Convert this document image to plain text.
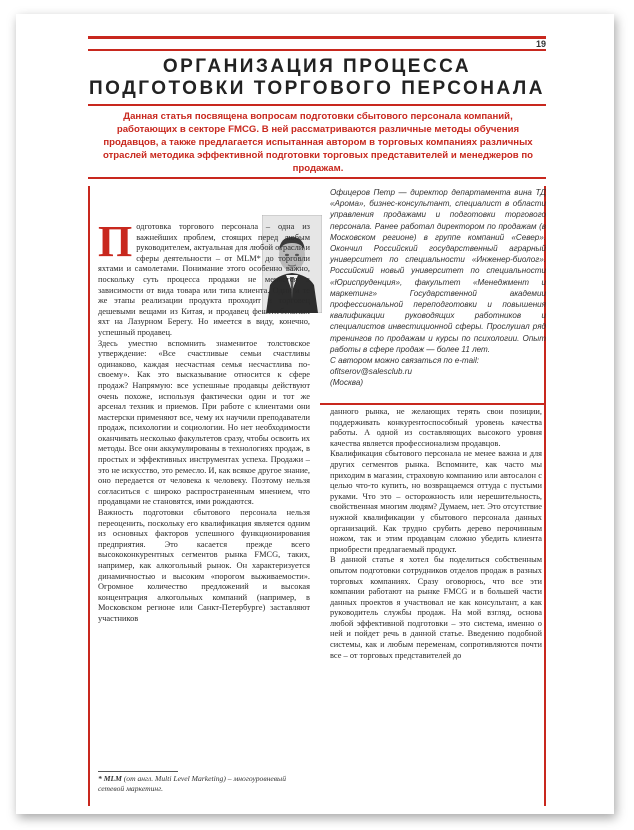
19
ОРГАНИЗАЦИЯ ПРОЦЕССА ПОДГОТОВКИ ТОРГОВОГО ПЕРСОНАЛА
Данная статья посвящена вопросам подготовки сбытового персонала компаний, работающих в секторе FMCG. В ней рассматриваются различные методы обучения продавцов, а также предлагается испытанная автором в торговых компаниях различных отраслей методика эффективной подготовки торговых представителей и менеджеров по продажам.
Офицеров Петр — директор департамента вина ТД «Арома», бизнес-консультант, специалист в области управления продажами и подготовки торгового персонала. Ранее работал директором по продажам (в Московском регионе) в группе компаний «Север». Окончил Российский государственный аграрный университет по специальности «Инженер-биолог». Российский новый университет по специальности «Юриспруденция», факультет «Менеджмент и маркетинг» Государственной академии профессиональной переподготовки и повышения квалификации руководящих работников и специалистов инвестиционной сферы. Прослушал ряд тренингов по продажам и курсы по психологии. Опыт работы в сфере продаж — более 11 лет.
С автором можно связаться по e-mail:
ofitserov@salesclub.ru
(Москва)
П одготовка торгового персонала – одна из важнейших проблем, стоящих перед любым руководителем, актуальная для любой отрасли и сферы деятельности – от MLM* до торговли яхтами и самолетами. Понимание этого особенно важно, поскольку суть процесса продажи не меняется в зависимости от вида товара или типа клиента. Одни и те же этапы реализации продукта проходит и торговец дешевыми вещами из Китая, и продавец фешенебельных яхт на Лазурном Берегу. Но имеется в виду, конечно, успешный продавец.

Здесь уместно вспомнить знаменитое толстовское утверждение: «Все счастливые семьи счастливы одинаково, каждая несчастная семья несчастлива по-своему». Как это высказывание относится к сфере продаж? Напрямую: все успешные продавцы действуют очень похоже, используя фактически один и тот же арсенал техник и приемов. При работе с клиентами они мастерски применяют все, чему их научили преподаватели продаж, психологии и социологии. Но нет необходимости оканчивать несколько факультетов сразу, чтобы освоить их методы. Все они аккумулированы в технологиях продаж, в простых и эффективных инструментах успеха. Продажи – это не искусство, это ремесло. И, как всякое другое знание, оно передается от человека к человеку. Поэтому нельзя согласиться с широко распространенным мнением, что продавцами не становятся, ими рождаются.

Важность подготовки сбытового персонала нельзя переоценить, поскольку его квалификация является одним из основных факторов успешного функционирования предприятия. Это касается прежде всего высококонкурентных сегментов рынка FMCG, таких, например, как алкогольный рынок. Он характеризуется динамичностью и высоким «порогом выживаемости». Огромное количество предложений и высокая концентрация алкогольных компаний (например, в Московском регионе или Санкт-Петербурге) заставляют участников

данного рынка, не желающих терять свои позиции, поддерживать конкурентоспособный уровень качества работы. А одной из составляющих высокого уровня качества является профессионализм продавцов.

Квалификация сбытового персонала не менее важна и для других сегментов рынка. Вспомните, как часто мы приходим в магазин, страховую компанию или автосалон с целью что-то купить, но возвращаемся оттуда с пустыми руками. Что это – осторожность или нерешительность, свойственная многим людям? Думаем, нет. Это отсутствие нужной квалификации у сбытового персонала данных организаций. Как трудно срубить дерево перочинным ножом, так и этим продавцам сложно убедить клиента приобрести предлагаемый продукт.

В данной статье я хотел бы поделиться собственным опытом подготовки сотрудников отделов продаж в разных торговых компаниях. Сразу оговорюсь, что все эти компании работают на рынке FMCG и в большей части данных проектов я участвовал не как консультант, а как руководитель службы продаж. На мой взгляд, основа любой эффективной подготовки – это система, именно о ней и пойдет речь в данной статье. Введению подобной системы, как и любым переменам, сопротивляются почти все – от торговых представителей до

* MLM (от англ. Multi Level Marketing) – многоуровневый сетевой маркетинг.
